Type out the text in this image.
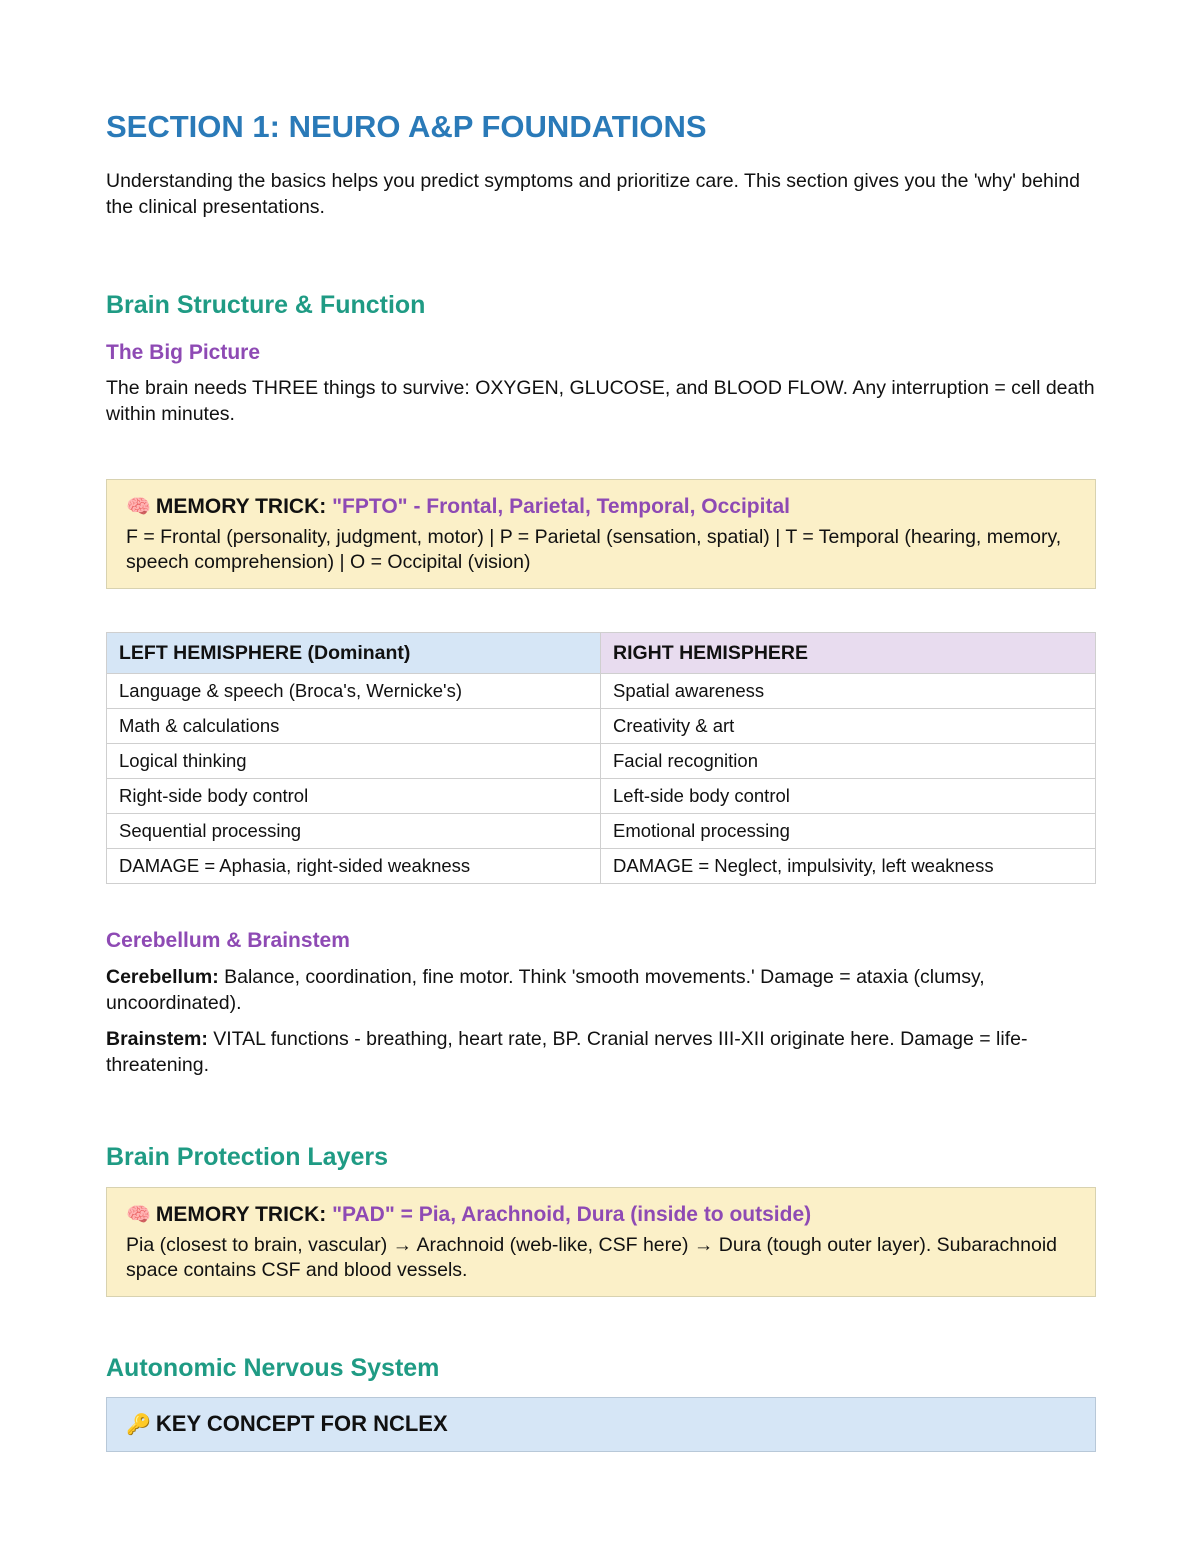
SECTION 1: NEURO A&P FOUNDATIONS

Understanding the basics helps you predict symptoms and prioritize care. This section gives you the 'why' behind the clinical presentations.

Brain Structure & Function
The Big Picture

The brain needs THREE things to survive: OXYGEN, GLUCOSE, and BLOOD FLOW. Any interruption = cell death within minutes.

🧠 MEMORY TRICK: "FPTO" - Frontal, Parietal, Temporal, Occipital
F = Frontal (personality, judgment, motor) | P = Parietal (sensation, spatial) | T = Temporal (hearing, memory, speech comprehension) | O = Occipital (vision)
LEFT HEMISPHERE (Dominant)	RIGHT HEMISPHERE
Language & speech (Broca's, Wernicke's)	Spatial awareness
Math & calculations	Creativity & art
Logical thinking	Facial recognition
Right-side body control	Left-side body control
Sequential processing	Emotional processing
DAMAGE = Aphasia, right-sided weakness	DAMAGE = Neglect, impulsivity, left weakness
Cerebellum & Brainstem

Cerebellum: Balance, coordination, fine motor. Think 'smooth movements.' Damage = ataxia (clumsy, uncoordinated).

Brainstem: VITAL functions - breathing, heart rate, BP. Cranial nerves III-XII originate here. Damage = life-threatening.

Brain Protection Layers
🧠 MEMORY TRICK: "PAD" = Pia, Arachnoid, Dura (inside to outside)
Pia (closest to brain, vascular) → Arachnoid (web-like, CSF here) → Dura (tough outer layer). Subarachnoid space contains CSF and blood vessels.
Autonomic Nervous System
🔑 KEY CONCEPT FOR NCLEX
